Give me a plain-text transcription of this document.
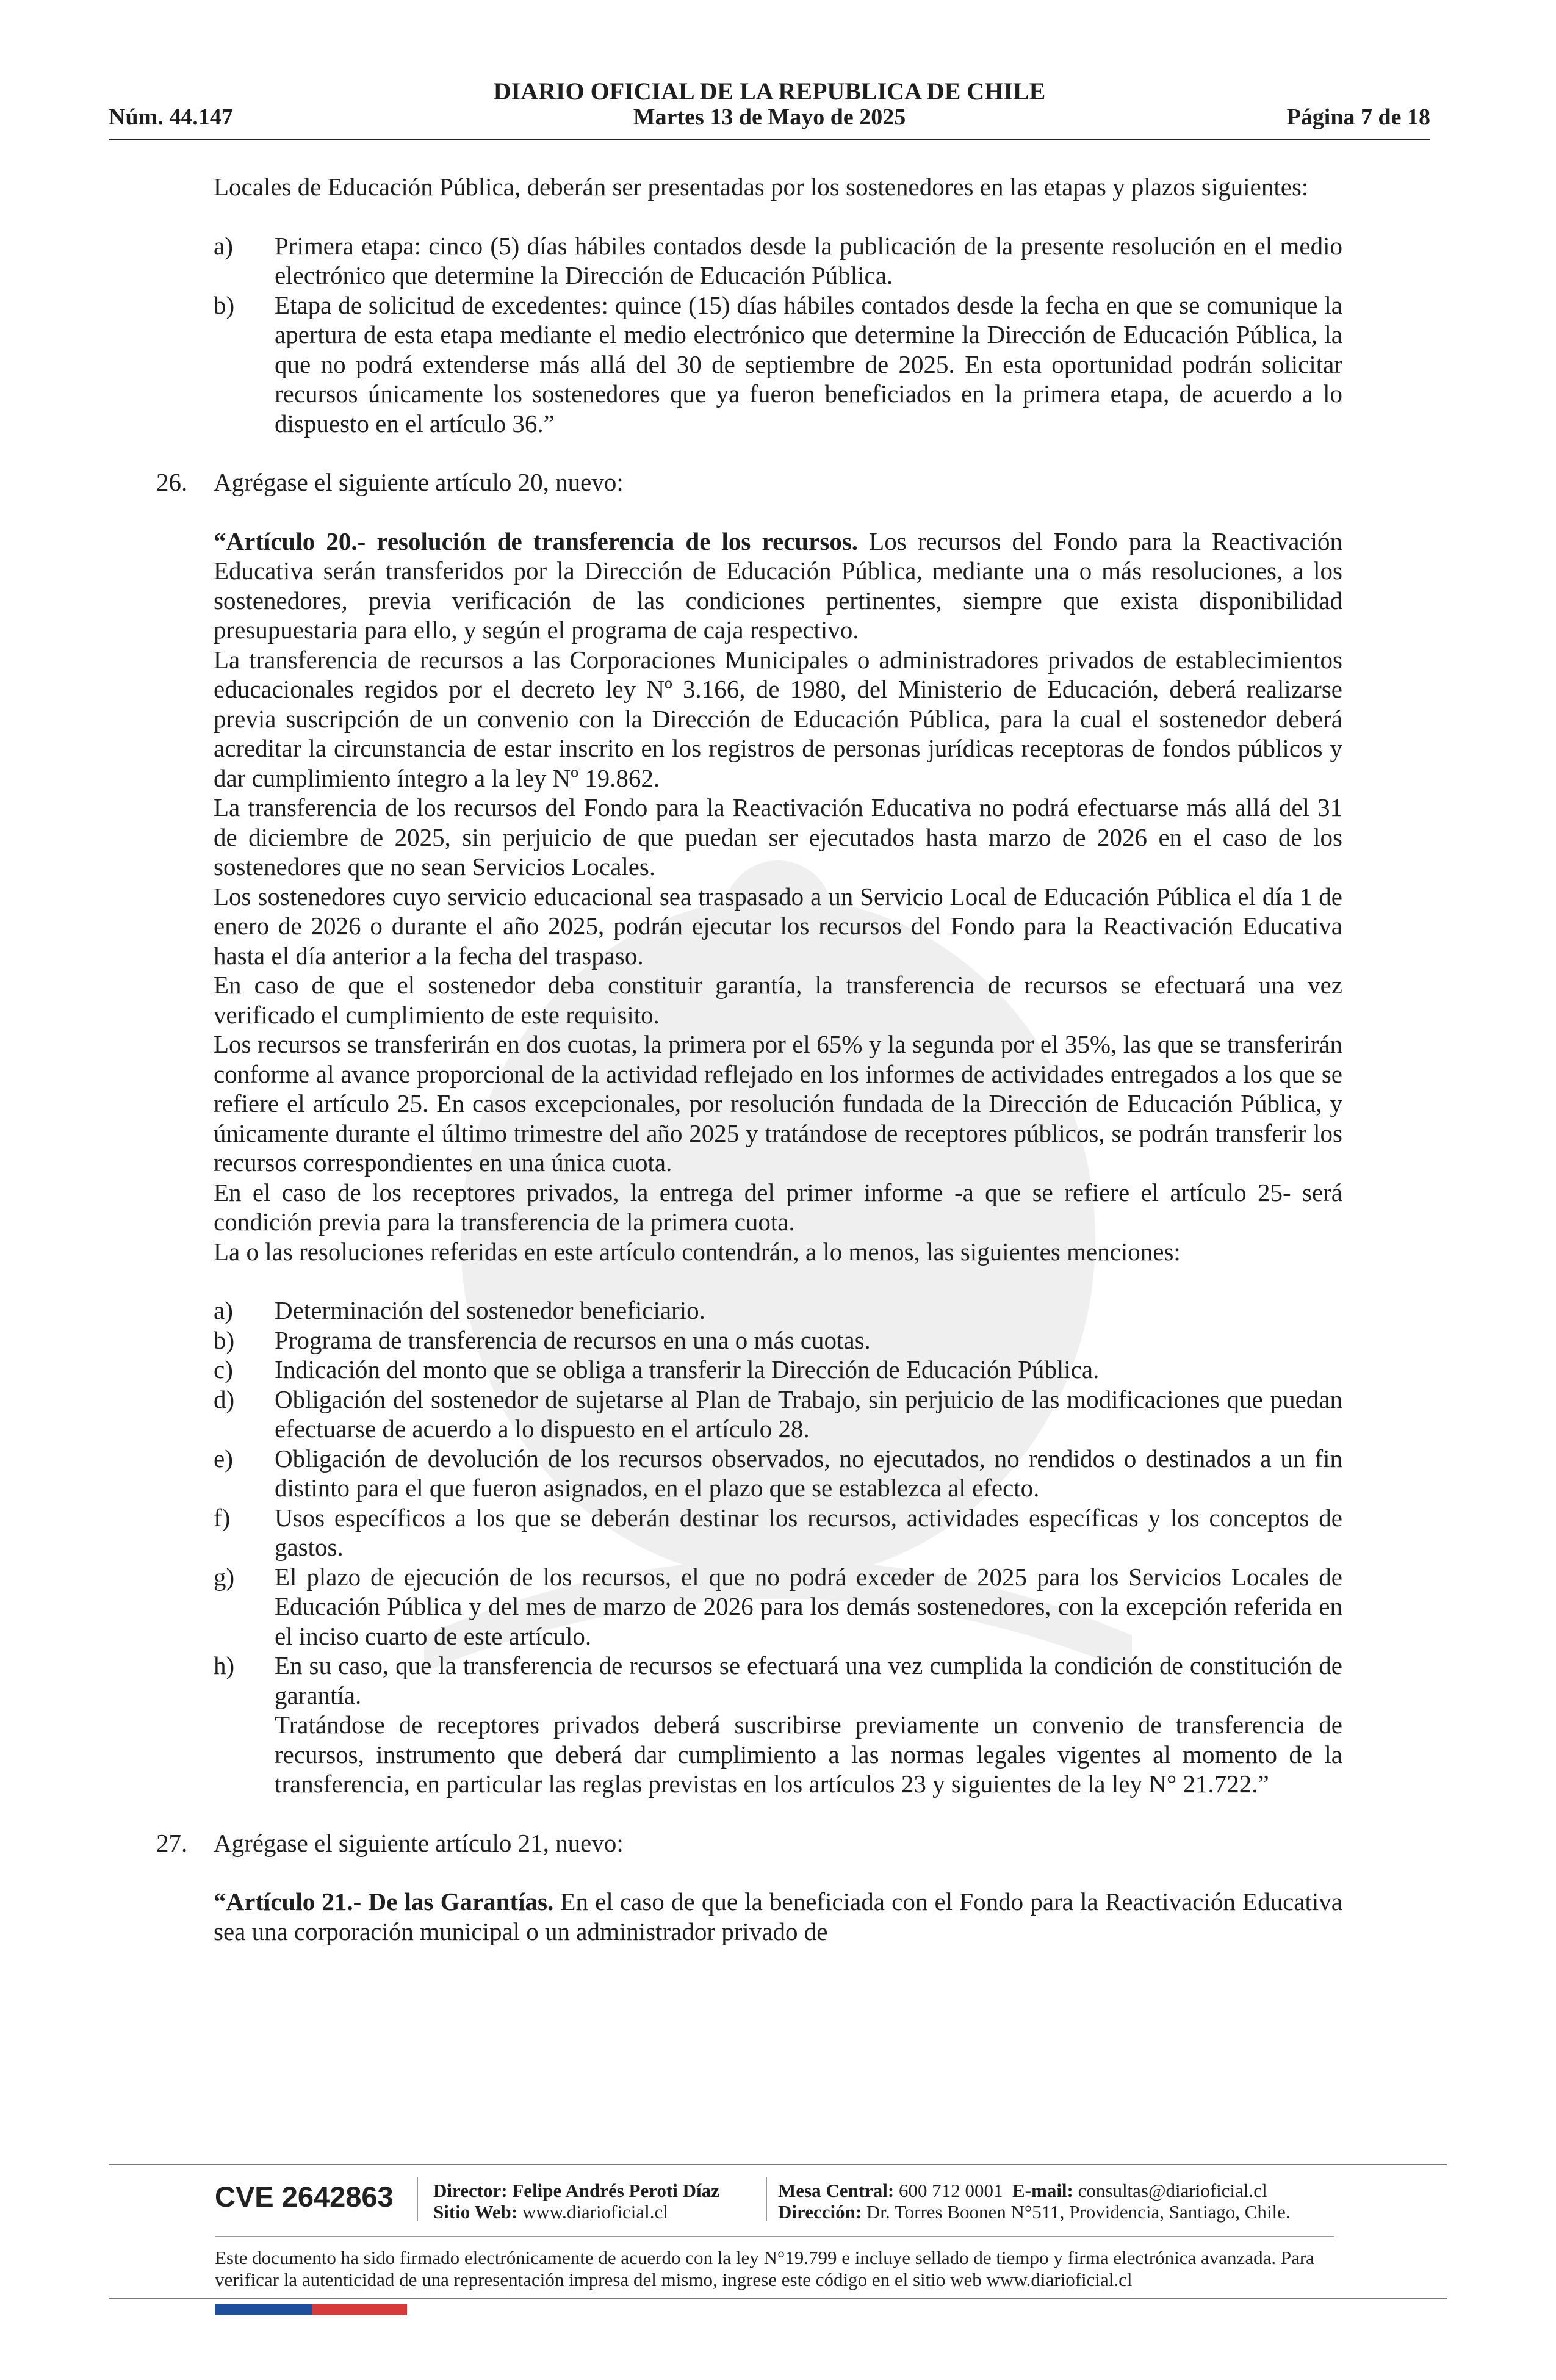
DIARIO OFICIAL DE LA REPUBLICA DE CHILE
Núm. 44.147	Martes 13 de Mayo de 2025	Página 7 de 18

Locales de Educación Pública, deberán ser presentadas por los sostenedores en las etapas y plazos siguientes:

a)	Primera etapa: cinco (5) días hábiles contados desde la publicación de la presente resolución en el medio electrónico que determine la Dirección de Educación Pública.
b)	Etapa de solicitud de excedentes: quince (15) días hábiles contados desde la fecha en que se comunique la apertura de esta etapa mediante el medio electrónico que determine la Dirección de Educación Pública, la que no podrá extenderse más allá del 30 de septiembre de 2025. En esta oportunidad podrán solicitar recursos únicamente los sostenedores que ya fueron beneficiados en la primera etapa, de acuerdo a lo dispuesto en el artículo 36.”
26.	Agrégase el siguiente artículo 20, nuevo:

“Artículo 20.- resolución de transferencia de los recursos. Los recursos del Fondo para la Reactivación Educativa serán transferidos por la Dirección de Educación Pública, mediante una o más resoluciones, a los sostenedores, previa verificación de las condiciones pertinentes, siempre que exista disponibilidad presupuestaria para ello, y según el programa de caja respectivo.

La transferencia de recursos a las Corporaciones Municipales o administradores privados de establecimientos educacionales regidos por el decreto ley Nº 3.166, de 1980, del Ministerio de Educación, deberá realizarse previa suscripción de un convenio con la Dirección de Educación Pública, para la cual el sostenedor deberá acreditar la circunstancia de estar inscrito en los registros de personas jurídicas receptoras de fondos públicos y dar cumplimiento íntegro a la ley Nº 19.862.

La transferencia de los recursos del Fondo para la Reactivación Educativa no podrá efectuarse más allá del 31 de diciembre de 2025, sin perjuicio de que puedan ser ejecutados hasta marzo de 2026 en el caso de los sostenedores que no sean Servicios Locales.

Los sostenedores cuyo servicio educacional sea traspasado a un Servicio Local de Educación Pública el día 1 de enero de 2026 o durante el año 2025, podrán ejecutar los recursos del Fondo para la Reactivación Educativa hasta el día anterior a la fecha del traspaso.

En caso de que el sostenedor deba constituir garantía, la transferencia de recursos se efectuará una vez verificado el cumplimiento de este requisito.

Los recursos se transferirán en dos cuotas, la primera por el 65% y la segunda por el 35%, las que se transferirán conforme al avance proporcional de la actividad reflejado en los informes de actividades entregados a los que se refiere el artículo 25. En casos excepcionales, por resolución fundada de la Dirección de Educación Pública, y únicamente durante el último trimestre del año 2025 y tratándose de receptores públicos, se podrán transferir los recursos correspondientes en una única cuota.

En el caso de los receptores privados, la entrega del primer informe -a que se refiere el artículo 25- será condición previa para la transferencia de la primera cuota.

La o las resoluciones referidas en este artículo contendrán, a lo menos, las siguientes menciones:

a)	Determinación del sostenedor beneficiario.
b)	Programa de transferencia de recursos en una o más cuotas.
c)	Indicación del monto que se obliga a transferir la Dirección de Educación Pública.
d)	Obligación del sostenedor de sujetarse al Plan de Trabajo, sin perjuicio de las modificaciones que puedan efectuarse de acuerdo a lo dispuesto en el artículo 28.
e)	Obligación de devolución de los recursos observados, no ejecutados, no rendidos o destinados a un fin distinto para el que fueron asignados, en el plazo que se establezca al efecto.
f)	Usos específicos a los que se deberán destinar los recursos, actividades específicas y los conceptos de gastos.
g)	El plazo de ejecución de los recursos, el que no podrá exceder de 2025 para los Servicios Locales de Educación Pública y del mes de marzo de 2026 para los demás sostenedores, con la excepción referida en el inciso cuarto de este artículo.
h)	En su caso, que la transferencia de recursos se efectuará una vez cumplida la condición de constitución de garantía.

Tratándose de receptores privados deberá suscribirse previamente un convenio de transferencia de recursos, instrumento que deberá dar cumplimiento a las normas legales vigentes al momento de la transferencia, en particular las reglas previstas en los artículos 23 y siguientes de la ley N° 21.722.”

27.	Agrégase el siguiente artículo 21, nuevo:

“Artículo 21.- De las Garantías. En el caso de que la beneficiada con el Fondo para la Reactivación Educativa sea una corporación municipal o un administrador privado de

CVE 2642863 Director: Felipe Andrés Peroti Díaz
Sitio Web: www.diarioficial.cl
Mesa Central: 600 712 0001 E-mail: consultas@diarioficial.cl
Dirección: Dr. Torres Boonen N°511, Providencia, Santiago, Chile.
Este documento ha sido firmado electrónicamente de acuerdo con la ley N°19.799 e incluye sellado de tiempo y firma electrónica avanzada. Para verificar la autenticidad de una representación impresa del mismo, ingrese este código en el sitio web www.diarioficial.cl
